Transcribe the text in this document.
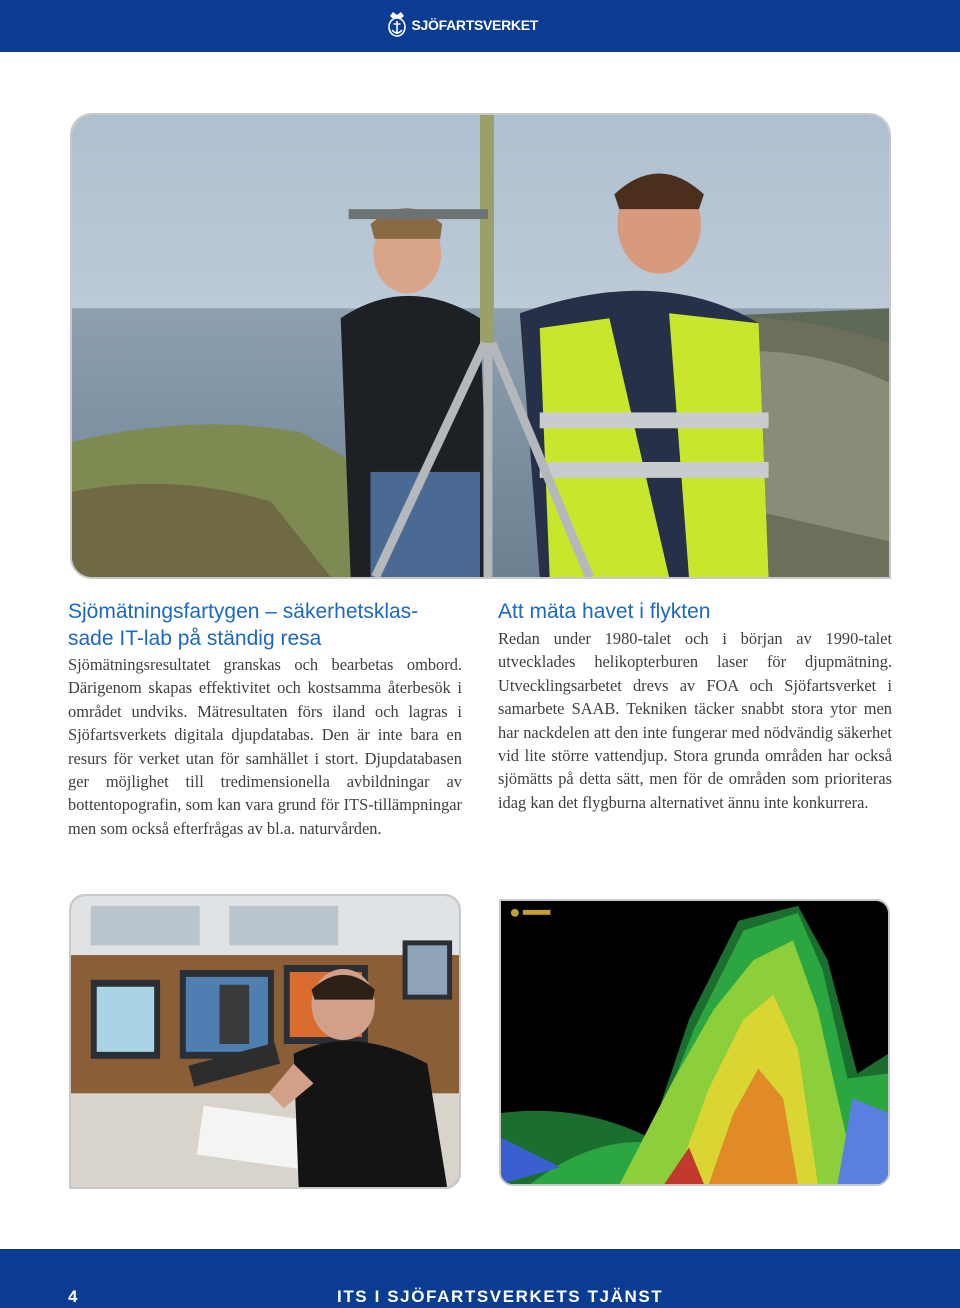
SJÖFARTSVERKET
Sjömätningsfartygen – säkerhetsklas-sade IT-lab på ständig resa

Sjömätningsresultatet granskas och bearbetas ombord. Därigenom skapas effektivitet och kostsamma återbesök i området undviks. Mätresultaten förs iland och lagras i Sjöfartsverkets digitala djupdatabas. Den är inte bara en resurs för verket utan för samhället i stort. Djupdatabasen ger möjlighet till tredimensionella avbildningar av bottentopografin, som kan vara grund för ITS-tillämpningar men som också efterfrågas av bl.a. naturvården.

Att mäta havet i flykten

Redan under 1980-talet och i början av 1990-talet utvecklades helikopterburen laser för djupmätning. Utvecklingsarbetet drevs av FOA och Sjöfartsverket i samarbete SAAB. Tekniken täcker snabbt stora ytor men har nackdelen att den inte fungerar med nödvändig säkerhet vid lite större vattendjup. Stora grunda områden har också sjömätts på detta sätt, men för de områden som prioriteras idag kan det flygburna alternativet ännu inte konkurrera.

4	ITS I SJÖFARTSVERKETS TJÄNST
